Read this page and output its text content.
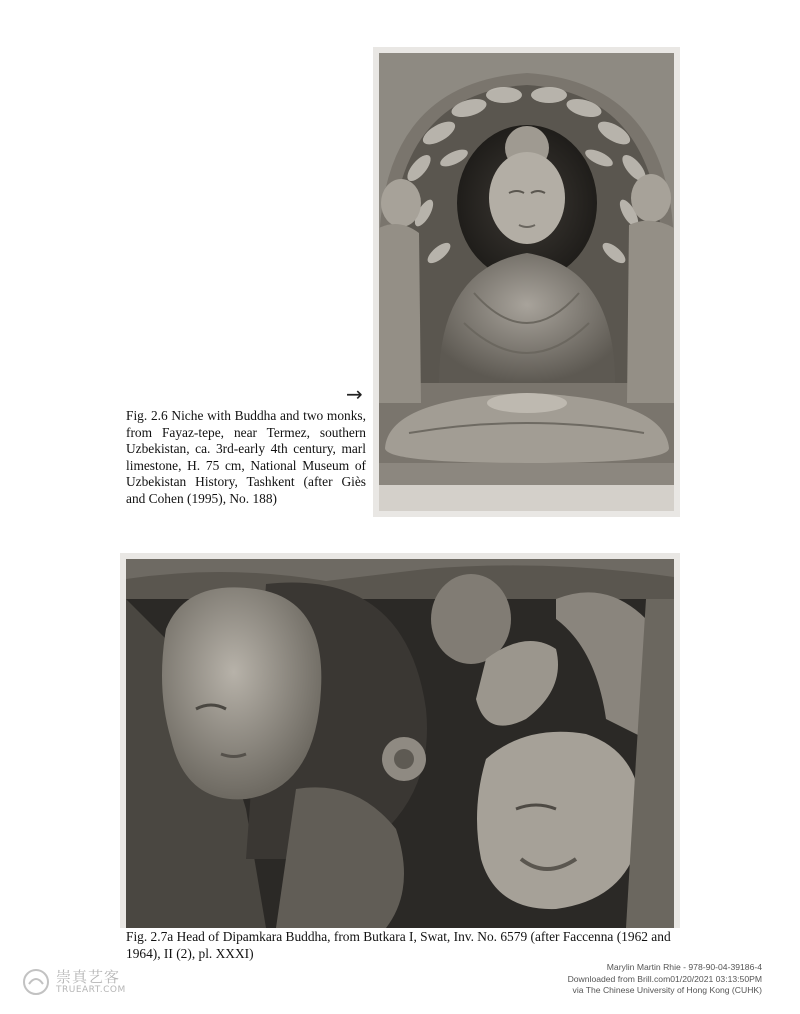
→
Fig. 2.6 Niche with Buddha and two monks, from Fayaz-tepe, near Termez, southern Uzbekistan, ca. 3rd-early 4th century, marl limestone, H. 75 cm, National Museum of Uzbekistan History, Tashkent (after Giès and Cohen (1995), No. 188)
Fig. 2.7a Head of Dipamkara Buddha, from Butkara I, Swat, Inv. No. 6579 (after Faccenna (1962 and 1964), II (2), pl. XXXI)
崇真艺客
TRUEART.COM
Marylin Martin Rhie - 978-90-04-39186-4
Downloaded from Brill.com01/20/2021 03:13:50PM
via The Chinese University of Hong Kong (CUHK)
